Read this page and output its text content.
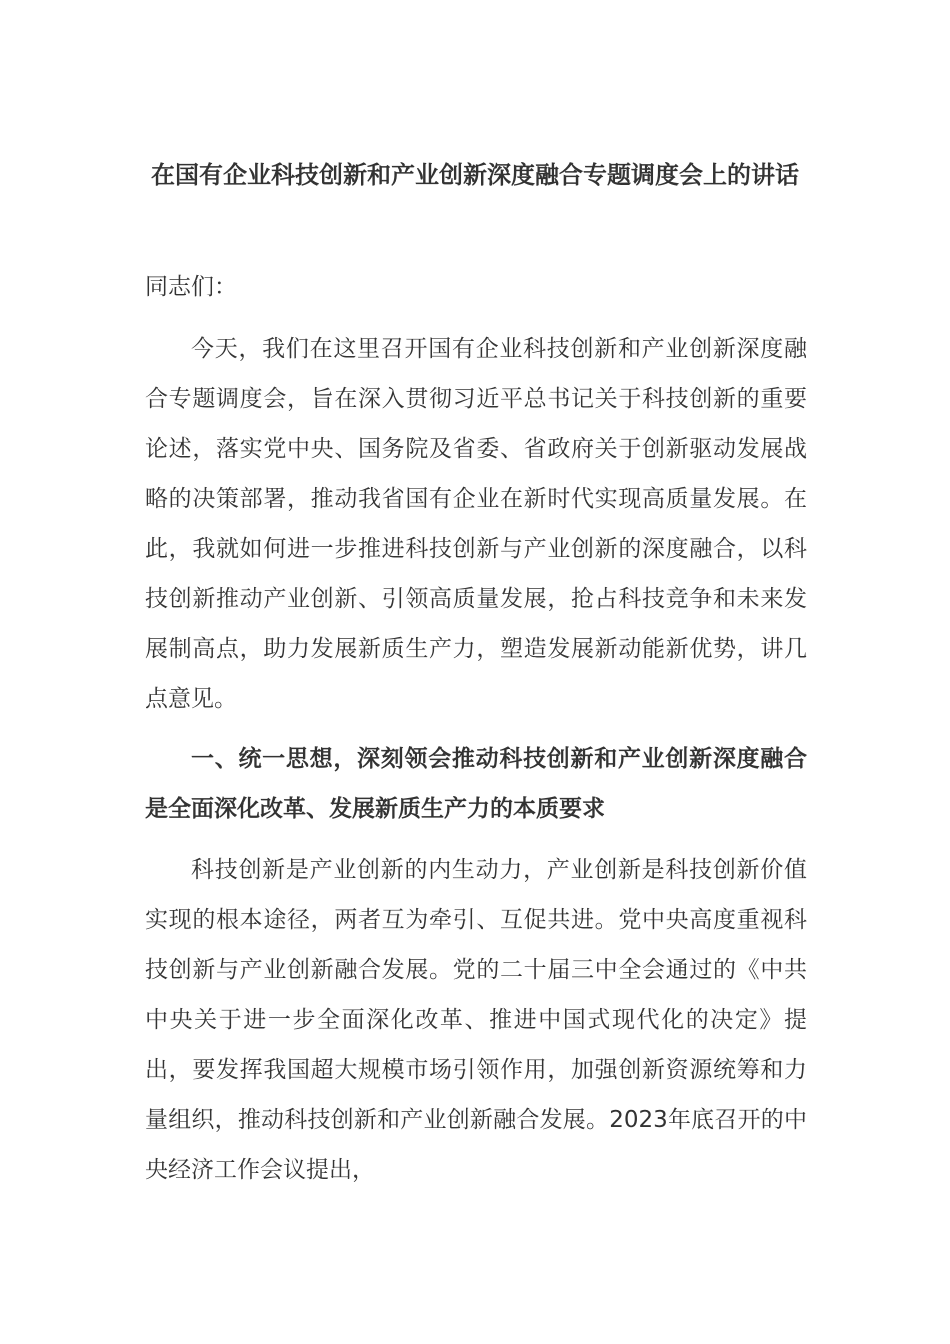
在国有企业科技创新和产业创新深度融合专题调度会上的讲话
同志们：

今天，我们在这里召开国有企业科技创新和产业创新深度融合专题调度会，旨在深入贯彻习近平总书记关于科技创新的重要论述，落实党中央、国务院及省委、省政府关于创新驱动发展战略的决策部署，推动我省国有企业在新时代实现高质量发展。在此，我就如何进一步推进科技创新与产业创新的深度融合，以科技创新推动产业创新、引领高质量发展，抢占科技竞争和未来发展制高点，助力发展新质生产力，塑造发展新动能新优势，讲几点意见。

一、统一思想，深刻领会推动科技创新和产业创新深度融合是全面深化改革、发展新质生产力的本质要求

科技创新是产业创新的内生动力，产业创新是科技创新价值实现的根本途径，两者互为牵引、互促共进。党中央高度重视科技创新与产业创新融合发展。党的二十届三中全会通过的《中共中央关于进一步全面深化改革、推进中国式现代化的决定》提出，要发挥我国超大规模市场引领作用，加强创新资源统筹和力量组织，推动科技创新和产业创新融合发展。2023年底召开的中央经济工作会议提出，
